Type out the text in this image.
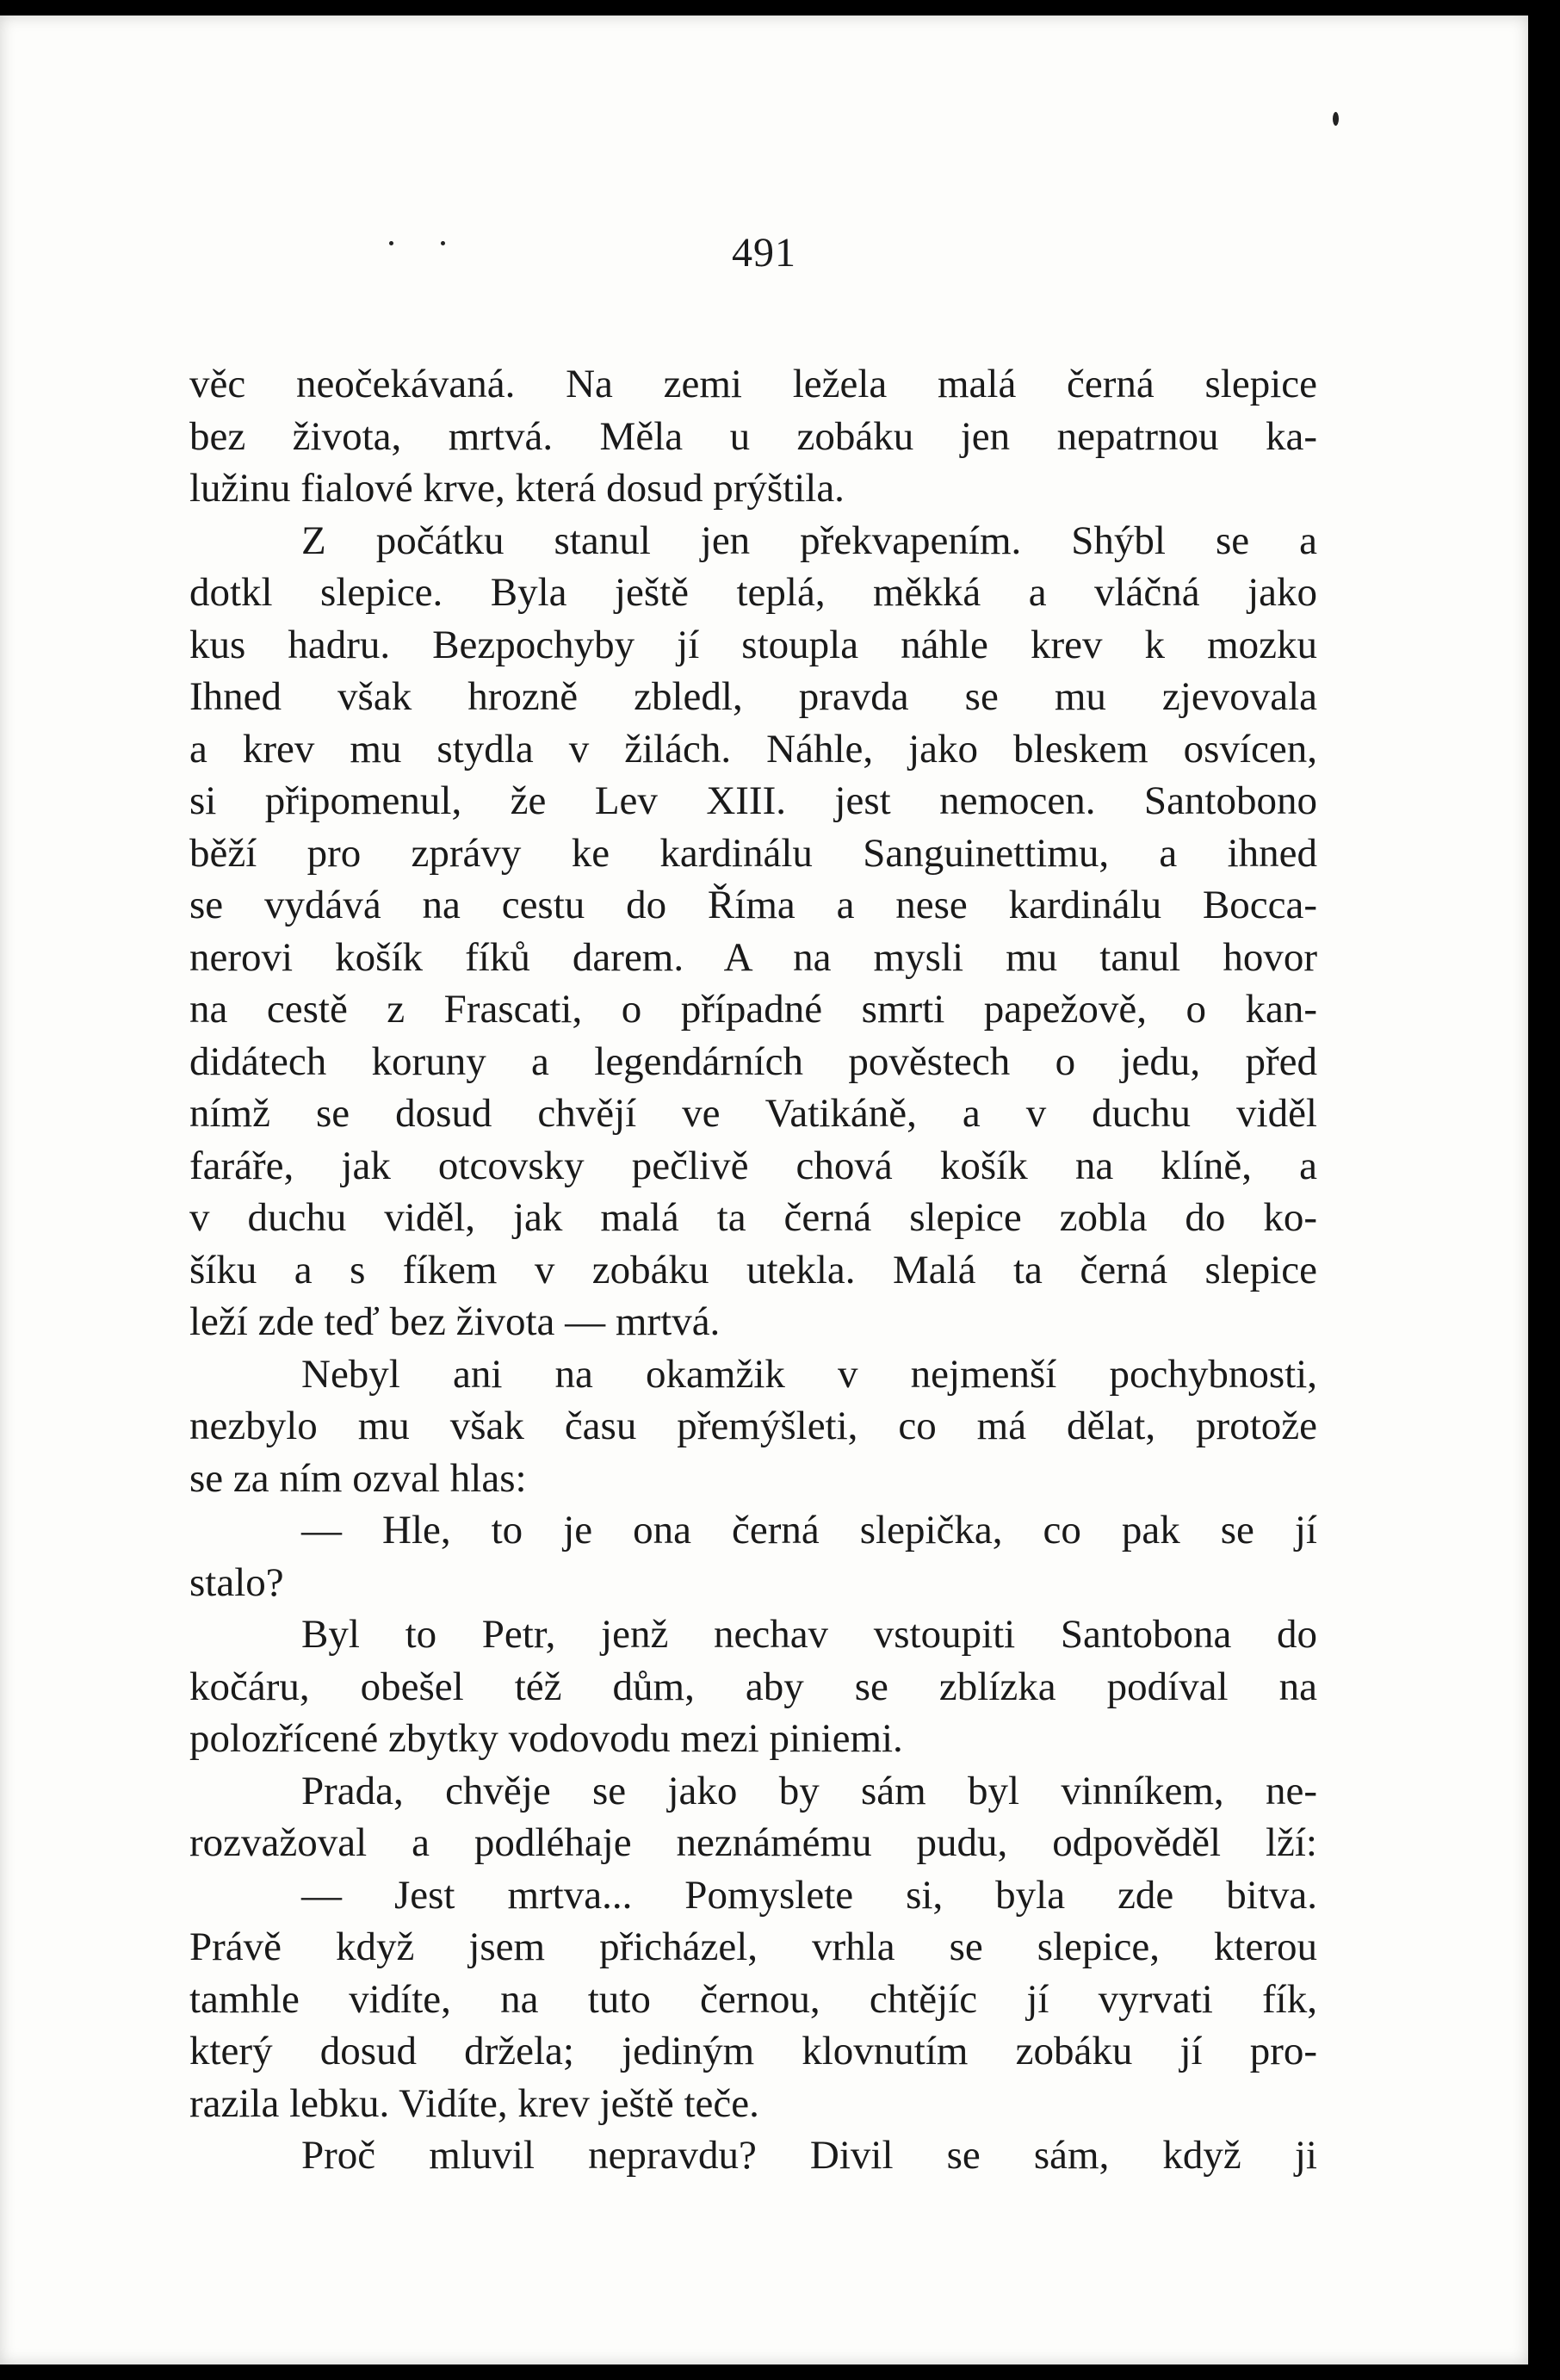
491
věc neočekávaná. Na zemi ležela malá černá slepice
bez života, mrtvá. Měla u zobáku jen nepatrnou ka-
lužinu fialové krve, která dosud prýštila.
Z počátku stanul jen překvapením. Shýbl se a
dotkl slepice. Byla ještě teplá, měkká a vláčná jako
kus hadru. Bezpochyby jí stoupla náhle krev k mozku
Ihned však hrozně zbledl, pravda se mu zjevovala
a krev mu stydla v žilách. Náhle, jako bleskem osvícen,
si připomenul, že Lev XIII. jest nemocen. Santobono
běží pro zprávy ke kardinálu Sanguinettimu, a ihned
se vydává na cestu do Říma a nese kardinálu Bocca-
nerovi košík fíků darem. A na mysli mu tanul hovor
na cestě z Frascati, o případné smrti papežově, o kan-
didátech koruny a legendárních pověstech o jedu, před
nímž se dosud chvějí ve Vatikáně, a v duchu viděl
faráře, jak otcovsky pečlivě chová košík na klíně, a
v duchu viděl, jak malá ta černá slepice zobla do ko-
šíku a s fíkem v zobáku utekla. Malá ta černá slepice
leží zde teď bez života — mrtvá.
Nebyl ani na okamžik v nejmenší pochybnosti,
nezbylo mu však času přemýšleti, co má dělat, protože
se za ním ozval hlas:
— Hle, to je ona černá slepička, co pak se jí
stalo?
Byl to Petr, jenž nechav vstoupiti Santobona do
kočáru, obešel též dům, aby se zblízka podíval na
polozřícené zbytky vodovodu mezi piniemi.
Prada, chvěje se jako by sám byl vinníkem, ne-
rozvažoval a podléhaje neznámému pudu, odpověděl lží:
— Jest mrtva... Pomyslete si, byla zde bitva.
Právě když jsem přicházel, vrhla se slepice, kterou
tamhle vidíte, na tuto černou, chtějíc jí vyrvati fík,
který dosud držela; jediným klovnutím zobáku jí pro-
razila lebku. Vidíte, krev ještě teče.
Proč mluvil nepravdu? Divil se sám, když ji
